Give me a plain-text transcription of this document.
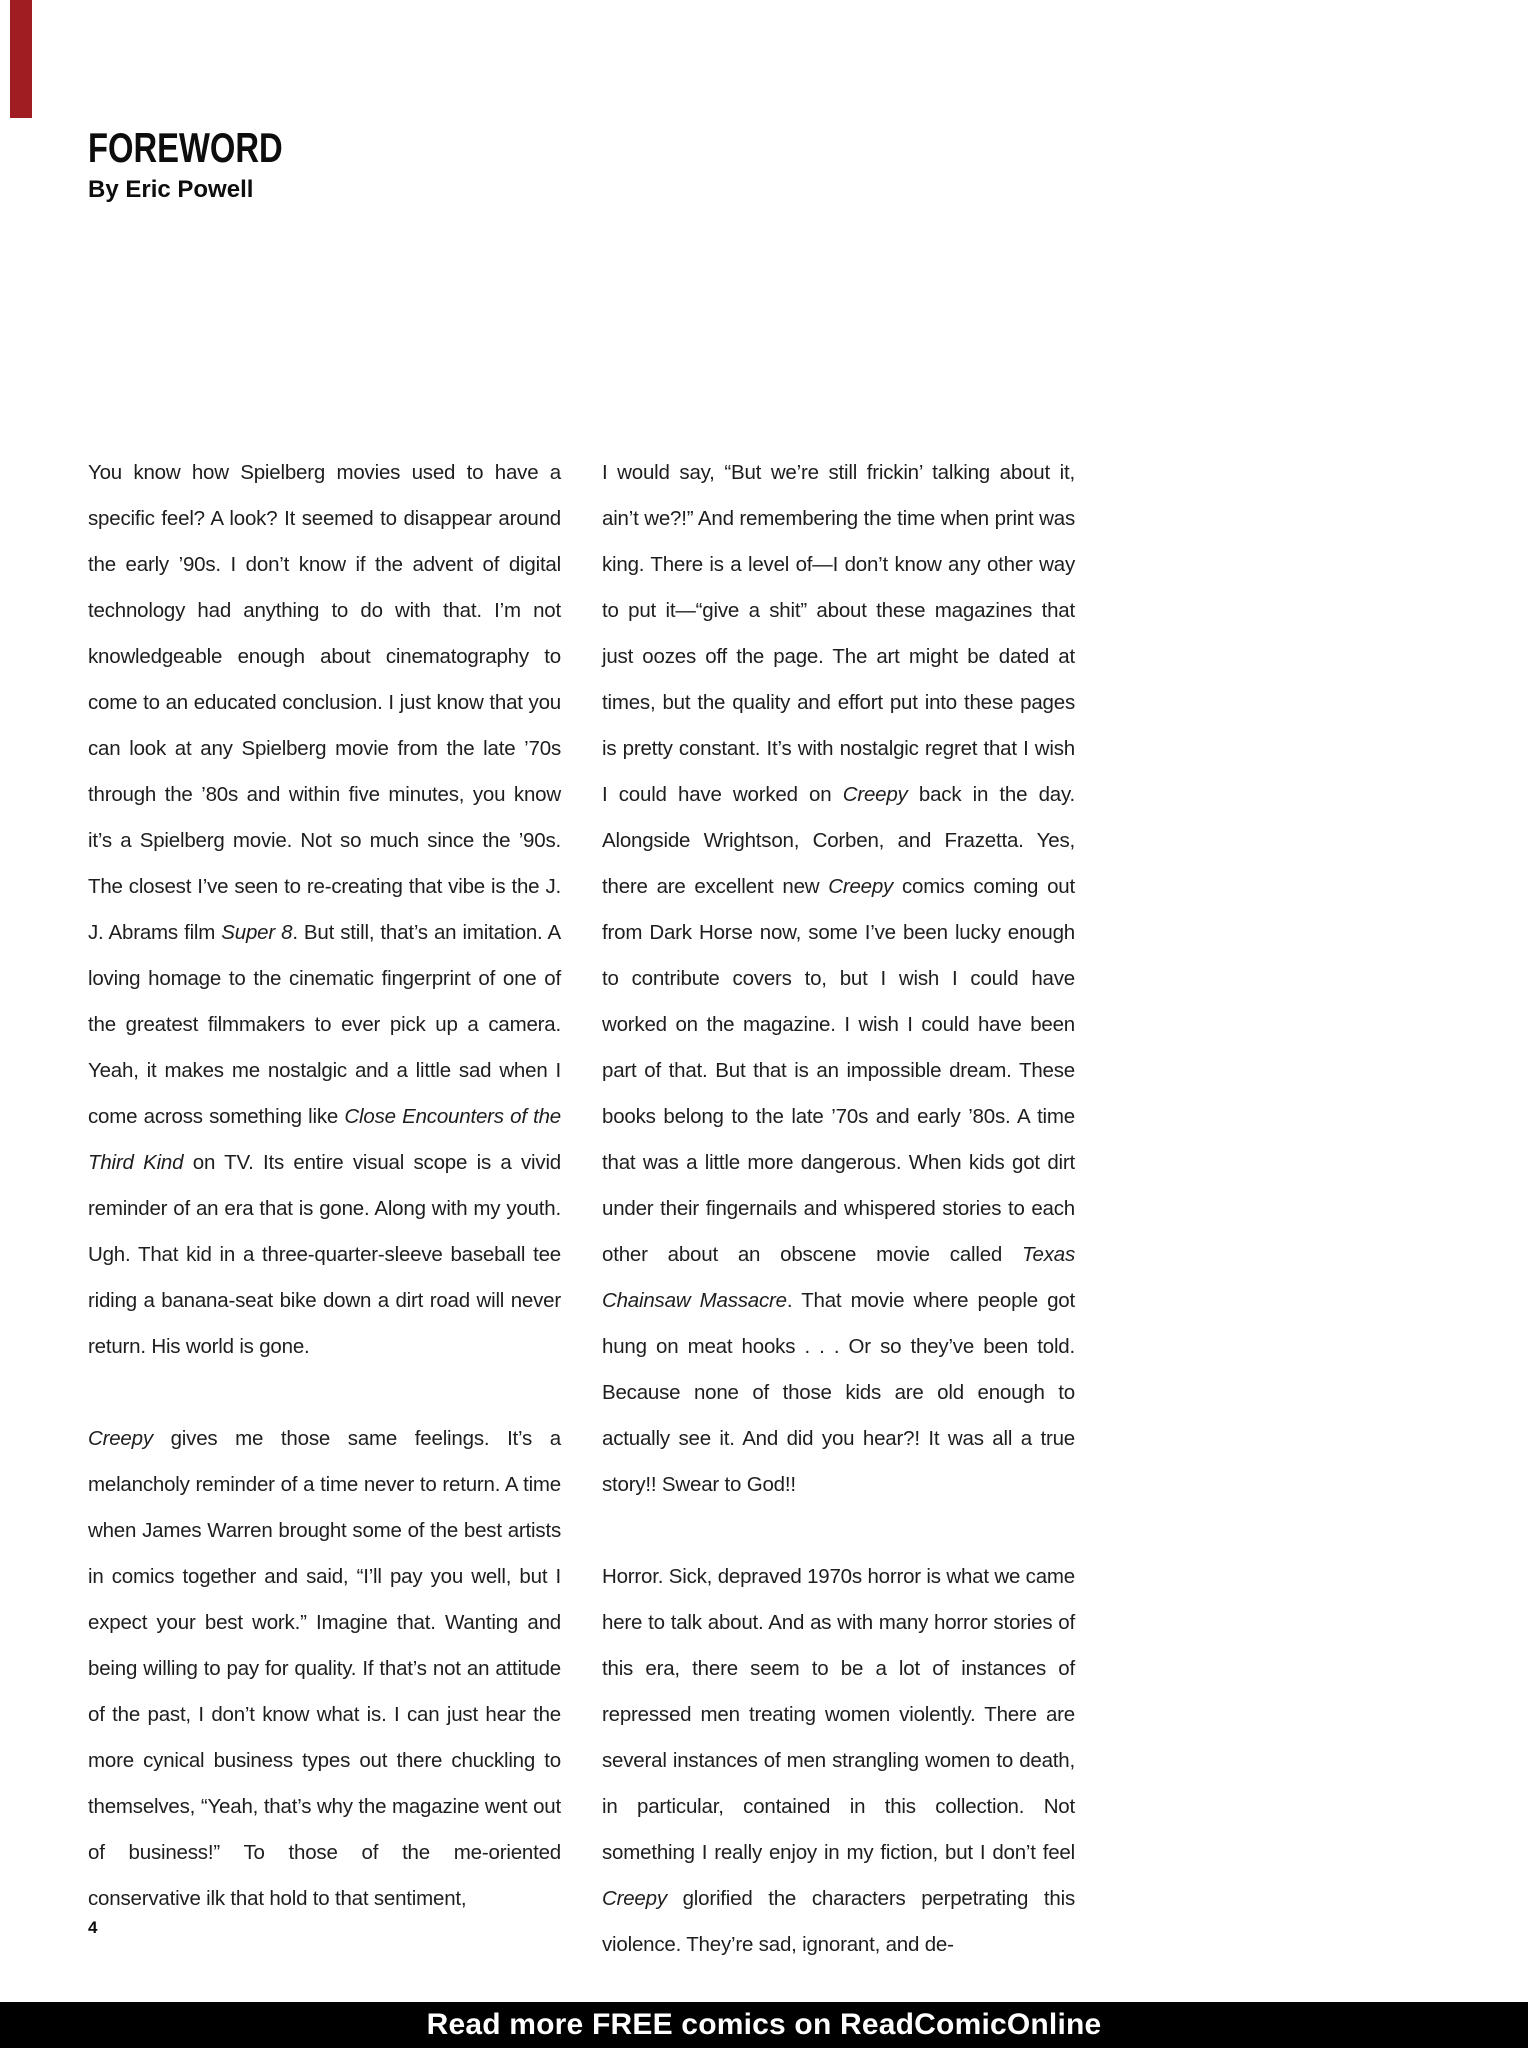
FOREWORD
By Eric Powell

You know how Spielberg movies used to have a specific feel? A look? It seemed to disappear around the early ’90s. I don’t know if the advent of digital technology had anything to do with that. I’m not knowledgeable enough about cinematography to come to an educated conclusion. I just know that you can look at any Spielberg movie from the late ’70s through the ’80s and within five minutes, you know it’s a Spielberg movie. Not so much since the ’90s. The closest I’ve seen to re-creating that vibe is the J. J. Abrams film Super 8. But still, that’s an imitation. A loving homage to the cinematic fingerprint of one of the greatest filmmakers to ever pick up a camera. Yeah, it makes me nostalgic and a little sad when I come across something like Close Encounters of the Third Kind on TV. Its entire visual scope is a vivid reminder of an era that is gone. Along with my youth. Ugh. That kid in a three-quarter-sleeve baseball tee riding a banana-seat bike down a dirt road will never return. His world is gone.

Creepy gives me those same feelings. It’s a melancholy reminder of a time never to return. A time when James Warren brought some of the best artists in comics together and said, “I’ll pay you well, but I expect your best work.” Imagine that. Wanting and being willing to pay for quality. If that’s not an attitude of the past, I don’t know what is. I can just hear the more cynical business types out there chuckling to themselves, “Yeah, that’s why the magazine went out of business!” To those of the me-oriented conservative ilk that hold to that sentiment,

I would say, “But we’re still frickin’ talking about it, ain’t we?!” And remembering the time when print was king. There is a level of—I don’t know any other way to put it—“give a shit” about these magazines that just oozes off the page. The art might be dated at times, but the quality and effort put into these pages is pretty constant. It’s with nostalgic regret that I wish I could have worked on Creepy back in the day. Alongside Wrightson, Corben, and Frazetta. Yes, there are excellent new Creepy comics coming out from Dark Horse now, some I’ve been lucky enough to contribute covers to, but I wish I could have worked on the magazine. I wish I could have been part of that. But that is an impossible dream. These books belong to the late ’70s and early ’80s. A time that was a little more dangerous. When kids got dirt under their fingernails and whispered stories to each other about an obscene movie called Texas Chainsaw Massacre. That movie where people got hung on meat hooks . . . Or so they’ve been told. Because none of those kids are old enough to actually see it. And did you hear?! It was all a true story!! Swear to God!!

Horror. Sick, depraved 1970s horror is what we came here to talk about. And as with many horror stories of this era, there seem to be a lot of instances of repressed men treating women violently. There are several instances of men strangling women to death, in particular, contained in this collection. Not something I really enjoy in my fiction, but I don’t feel Creepy glorified the characters perpetrating this violence. They’re sad, ignorant, and de-

4
Read more FREE comics on ReadComicOnline
